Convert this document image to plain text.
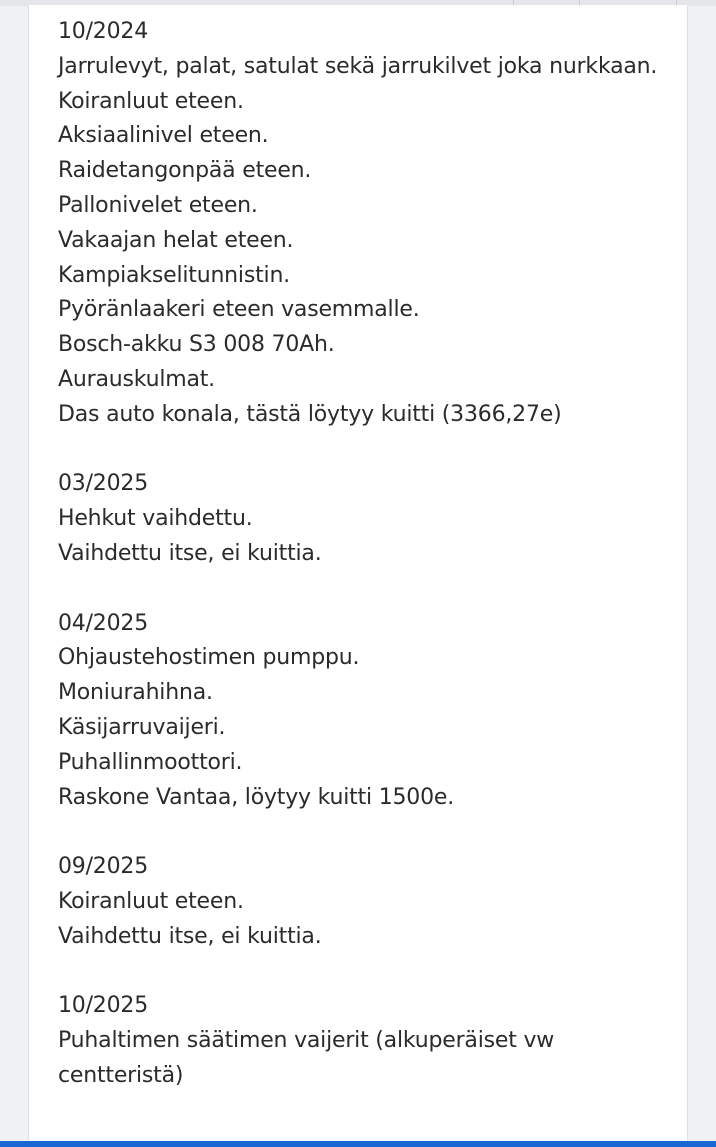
10/2024
Jarrulevyt, palat, satulat sekä jarrukilvet joka nurkkaan.
Koiranluut eteen.
Aksiaalinivel eteen.
Raidetangonpää eteen.
Pallonivelet eteen.
Vakaajan helat eteen.
Kampiakselitunnistin.
Pyöränlaakeri eteen vasemmalle.
Bosch-akku S3 008 70Ah.
Aurauskulmat.
Das auto konala, tästä löytyy kuitti (3366,27e)
03/2025
Hehkut vaihdettu.
Vaihdettu itse, ei kuittia.
04/2025
Ohjaustehostimen pumppu.
Moniurahihna.
Käsijarruvaijeri.
Puhallinmoottori.
Raskone Vantaa, löytyy kuitti 1500e.
09/2025
Koiranluut eteen.
Vaihdettu itse, ei kuittia.
10/2025
Puhaltimen säätimen vaijerit (alkuperäiset vw centteristä)
